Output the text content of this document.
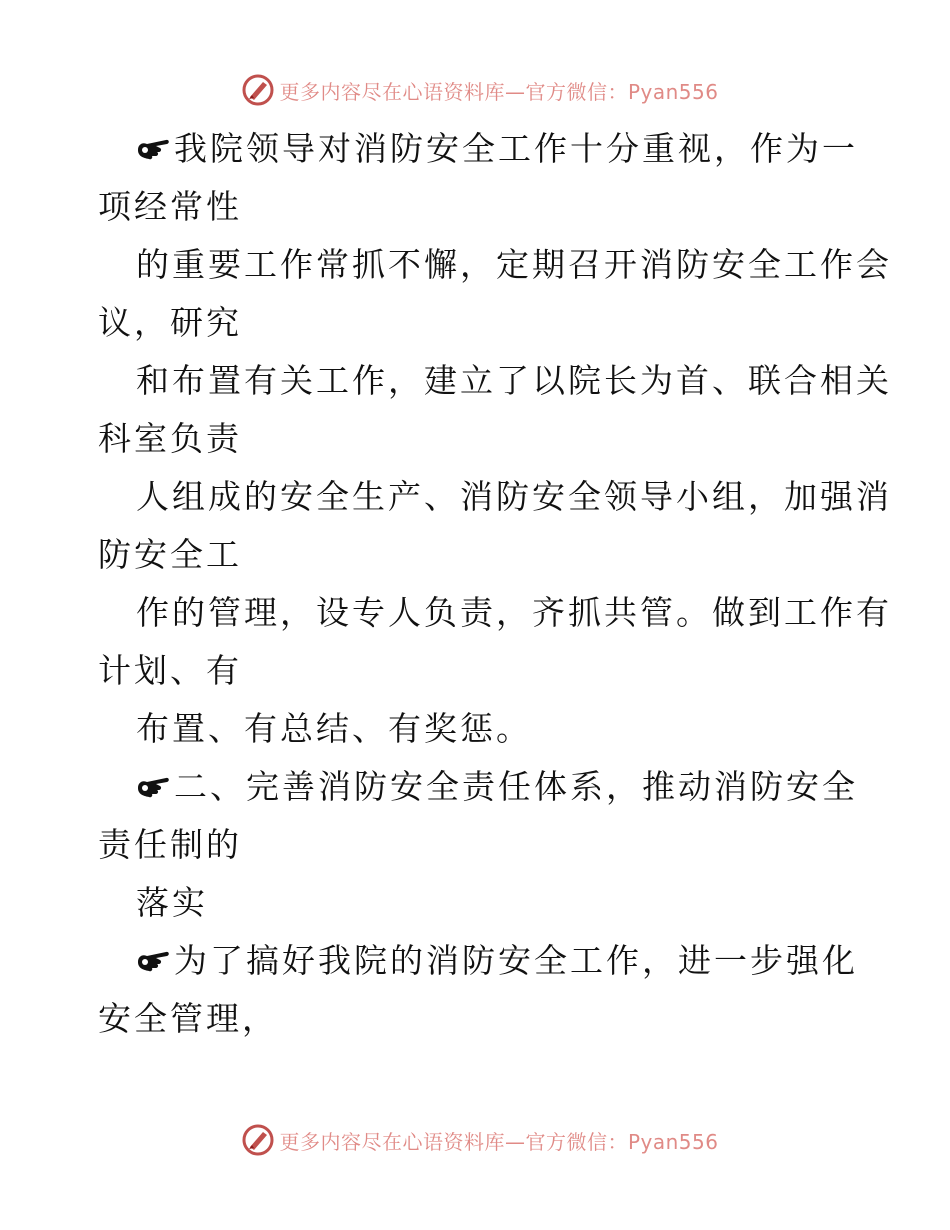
更多内容尽在心语资料库—官方微信：Pyan556
我院领导对消防安全工作十分重视，作为一
项经常性
的重要工作常抓不懈，定期召开消防安全工作会
议，研究
和布置有关工作，建立了以院长为首、联合相关
科室负责
人组成的安全生产、消防安全领导小组，加强消
防安全工
作的管理，设专人负责，齐抓共管。做到工作有
计划、有
布置、有总结、有奖惩。
二、完善消防安全责任体系，推动消防安全
责任制的
落实
为了搞好我院的消防安全工作，进一步强化
安全管理，
更多内容尽在心语资料库—官方微信：Pyan556
